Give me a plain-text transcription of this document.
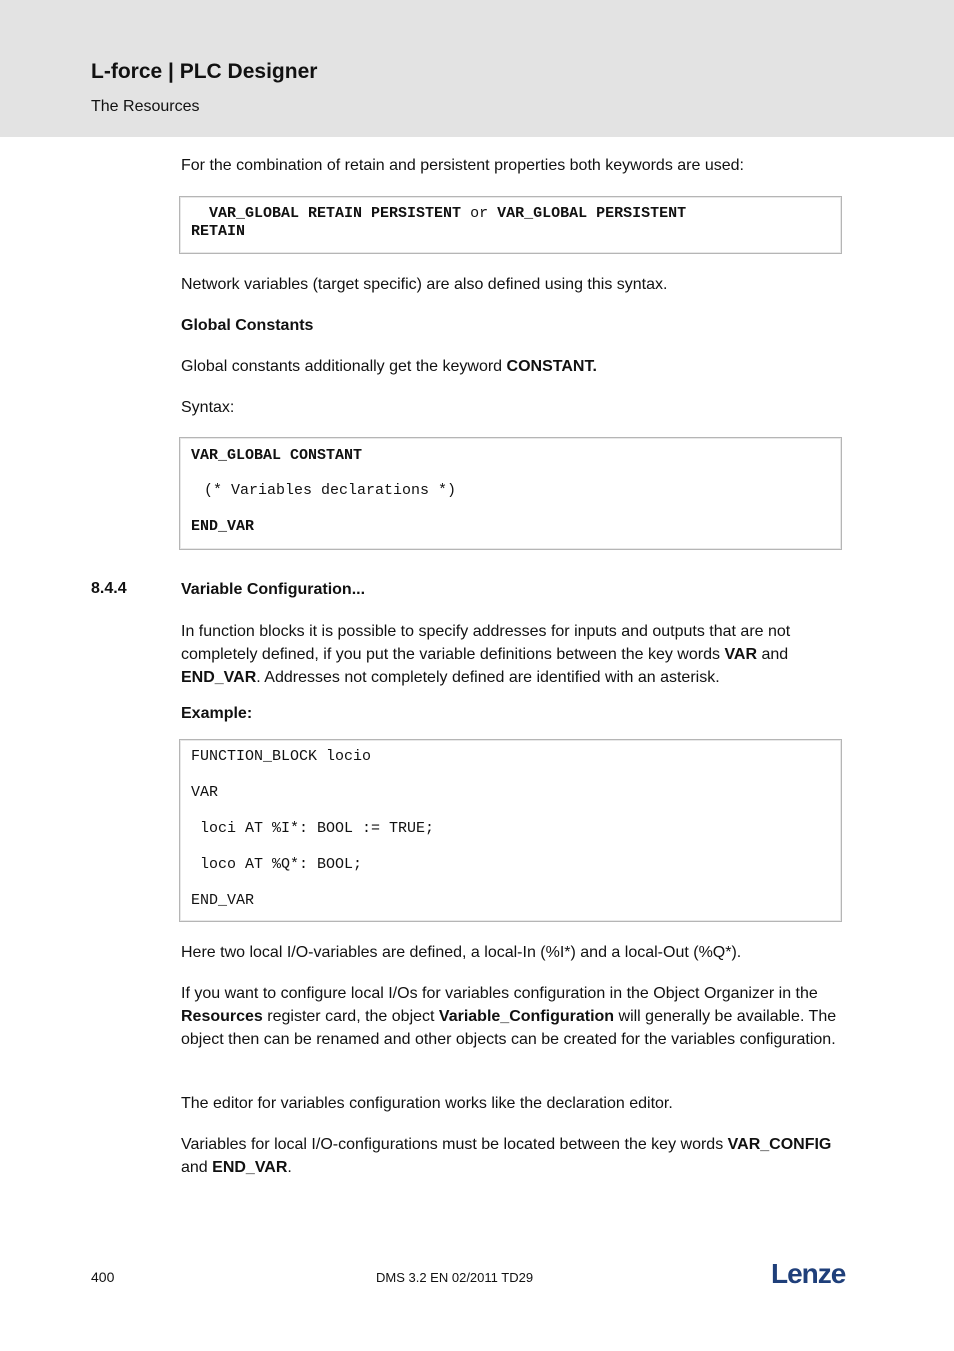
L-force | PLC Designer
The Resources
For the combination of retain and persistent properties both keywords are used:
VAR_GLOBAL RETAIN PERSISTENT or VAR_GLOBAL PERSISTENT
RETAIN
Network variables (target specific) are also defined using this syntax.
Global Constants
Global constants additionally get the keyword CONSTANT.
Syntax:
VAR_GLOBAL CONSTANT
(* Variables declarations *)
END_VAR
Variable Configuration...
In function blocks it is possible to specify addresses for inputs and outputs that are not completely defined, if you put the variable definitions between the key words VAR and END_VAR. Addresses not completely defined are identified with an asterisk.
Example:
FUNCTION_BLOCK locio
VAR
loci AT %I*: BOOL := TRUE;
loco AT %Q*: BOOL;
END_VAR
Here two local I/O-variables are defined, a local-In (%I*) and a local-Out (%Q*).
If you want to configure local I/Os for variables configuration in the Object Organizer in the Resources register card, the object Variable_Configuration will generally be available. The object then can be renamed and other objects can be created for the variables configuration.
The editor for variables configuration works like the declaration editor.
Variables for local I/O-configurations must be located between the key words VAR_CONFIG and END_VAR.
8.4.4
400	DMS 3.2 EN 02/2011 TD29	Lenze
